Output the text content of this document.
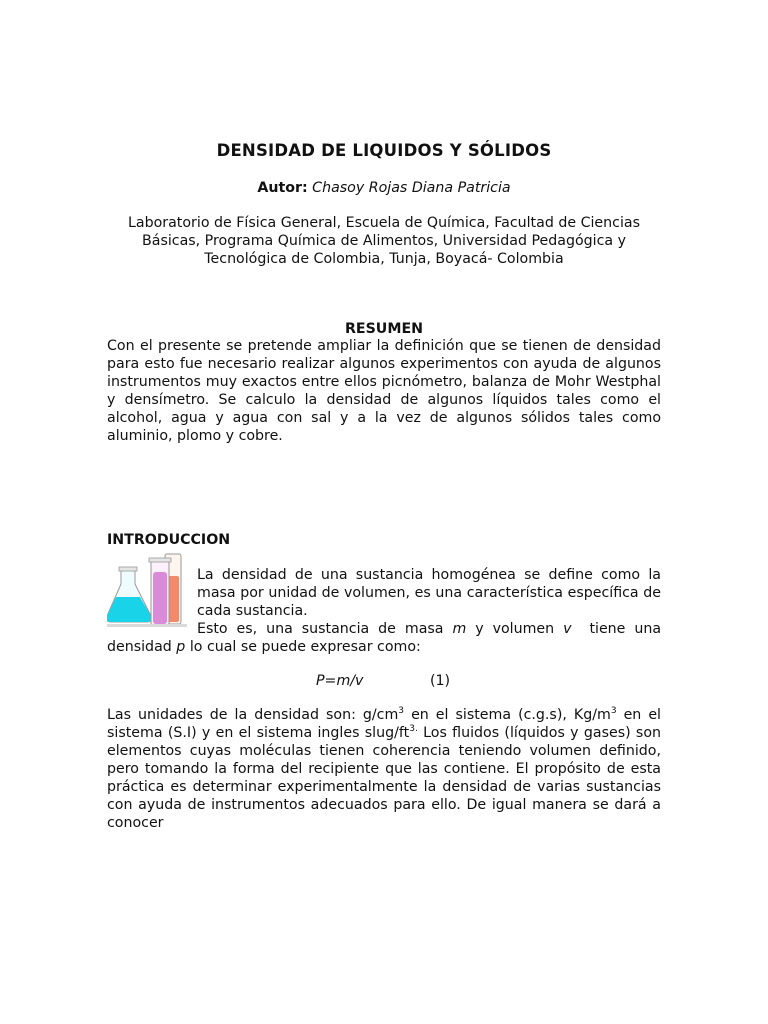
DENSIDAD DE LIQUIDOS Y SÓLIDOS
Autor: Chasoy Rojas Diana Patricia
Laboratorio de Física General, Escuela de Química, Facultad de Ciencias Básicas, Programa Química de Alimentos, Universidad Pedagógica y Tecnológica de Colombia, Tunja, Boyacá- Colombia
RESUMEN
Con el presente se pretende ampliar la definición que se tienen de densidad para esto fue necesario realizar algunos experimentos con ayuda de algunos instrumentos muy exactos entre ellos picnómetro, balanza de Mohr Westphal y densímetro. Se calculo la densidad de algunos líquidos tales como el alcohol, agua y agua con sal y a la vez de algunos sólidos tales como aluminio, plomo y cobre.
INTRODUCCION
La densidad de una sustancia homogénea se define como la masa por unidad de volumen, es una característica específica de cada sustancia.
Esto es, una sustancia de masa m y volumen v  tiene una
densidad p lo cual se puede expresar como:
P=m/v	(1)
Las unidades de la densidad son: $g/cm^3$ en el sistema (c.g.s), $Kg/m^3$ en el sistema (S.I) y en el sistema ingles slug/$ft^{3.}$ Los fluidos (líquidos y gases) son elementos cuyas moléculas tienen coherencia teniendo volumen definido, pero tomando la forma del recipiente que las contiene. El propósito de esta práctica es determinar experimentalmente la densidad de varias sustancias con ayuda de instrumentos adecuados para ello. De igual manera se dará a conocer
